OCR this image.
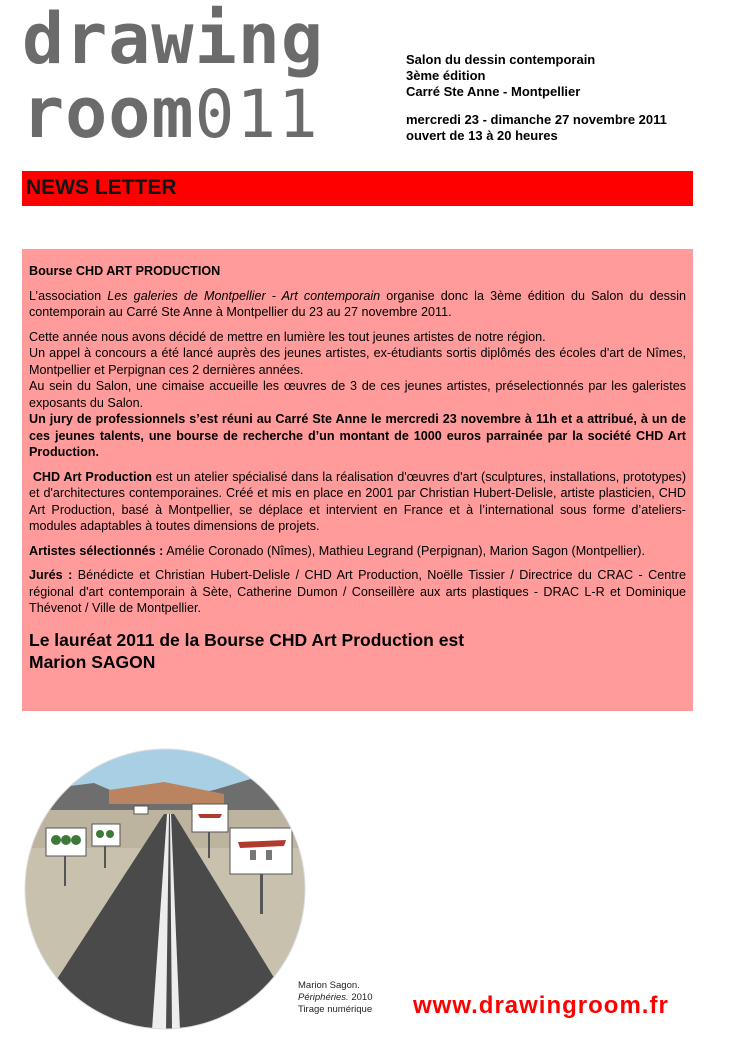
drawing
room011
Salon du dessin contemporain
3ème édition
Carré Ste Anne - Montpellier
mercredi 23 - dimanche 27 novembre 2011
ouvert de 13 à 20 heures
NEWS LETTER

Bourse CHD ART PRODUCTION

L’association Les galeries de Montpellier - Art contemporain organise donc la 3ème édition du Salon du dessin contemporain au Carré Ste Anne à Montpellier du 23 au 27 novembre 2011.

Cette année nous avons décidé de mettre en lumière les tout jeunes artistes de notre région.
Un appel à concours a été lancé auprès des jeunes artistes, ex-étudiants sortis diplômés des écoles d'art de Nîmes, Montpellier et Perpignan ces 2 dernières années.
Au sein du Salon, une cimaise accueille les œuvres de 3 de ces jeunes artistes, préselectionnés par les galeristes exposants du Salon.
Un jury de professionnels s’est réuni au Carré Ste Anne le mercredi 23 novembre à 11h et a attribué, à un de ces jeunes talents, une bourse de recherche d’un montant de 1000 euros parrainée par la société CHD Art Production.

CHD Art Production est un atelier spécialisé dans la réalisation d'œuvres d'art (sculptures, installations, prototypes) et d'architectures contemporaines. Créé et mis en place en 2001 par Christian Hubert-Delisle, artiste plasticien, CHD Art Production, basé à Montpellier, se déplace et intervient en France et à l’international sous forme d’ateliers-modules adaptables à toutes dimensions de projets.

Artistes sélectionnés : Amélie Coronado (Nîmes), Mathieu Legrand (Perpignan), Marion Sagon (Montpellier).

Jurés : Bénédicte et Christian Hubert-Delisle / CHD Art Production, Noëlle Tissier / Directrice du CRAC - Centre régional d'art contemporain à Sète, Catherine Dumon / Conseillère aux arts plastiques - DRAC L-R et Dominique Thévenot / Ville de Montpellier.

Le lauréat 2011 de la Bourse CHD Art Production est
Marion SAGON

Marion Sagon.
Périphéries. 2010
Tirage numérique www.drawingroom.fr
